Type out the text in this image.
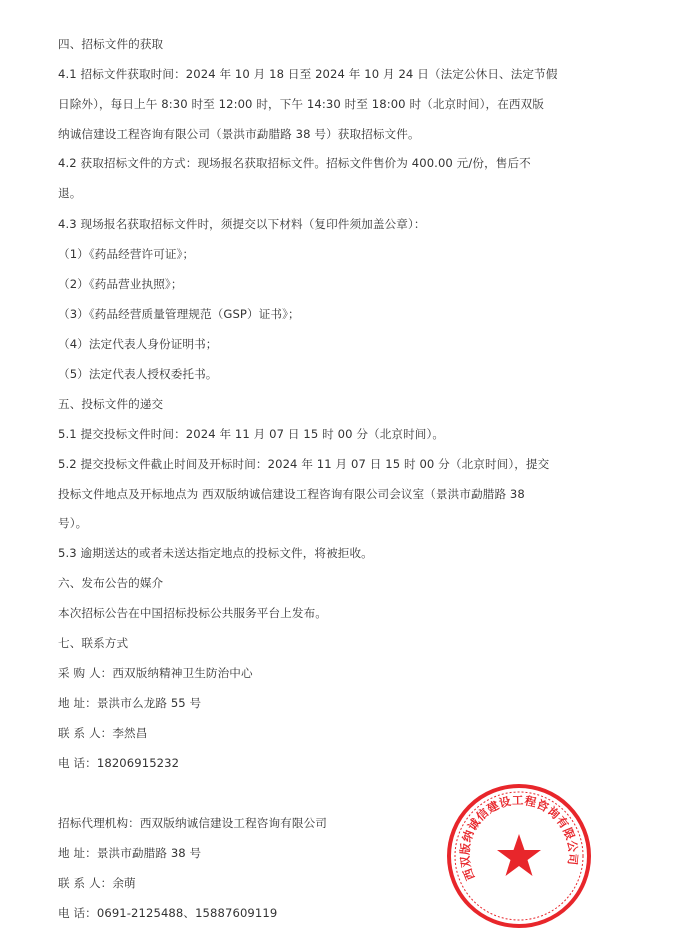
四、招标文件的获取
4.1 招标文件获取时间：2024 年 10 月 18 日至 2024 年 10 月 24 日（法定公休日、法定节假
日除外），每日上午 8:30 时至 12:00 时，下午 14:30 时至 18:00 时（北京时间），在西双版
纳诚信建设工程咨询有限公司（景洪市勐腊路 38 号）获取招标文件。
4.2 获取招标文件的方式：现场报名获取招标文件。招标文件售价为 400.00 元/份，售后不
退。
4.3 现场报名获取招标文件时，须提交以下材料（复印件须加盖公章）：
（1）《药品经营许可证》；
（2）《药品营业执照》；
（3）《药品经营质量管理规范（GSP）证书》；
（4）法定代表人身份证明书；
（5）法定代表人授权委托书。
五、投标文件的递交
5.1 提交投标文件时间：2024 年 11 月 07 日 15 时 00 分（北京时间）。
5.2 提交投标文件截止时间及开标时间：2024 年 11 月 07 日 15 时 00 分（北京时间），提交
投标文件地点及开标地点为 西双版纳诚信建设工程咨询有限公司会议室（景洪市勐腊路 38
号）。
5.3 逾期送达的或者未送达指定地点的投标文件，将被拒收。
六、发布公告的媒介
本次招标公告在中国招标投标公共服务平台上发布。
七、联系方式
采 购 人：西双版纳精神卫生防治中心
地 址：景洪市么龙路 55 号
联 系 人：李然昌
电 话：18206915232
招标代理机构：西双版纳诚信建设工程咨询有限公司
地 址：景洪市勐腊路 38 号
联 系 人：余萌
电 话：0691-2125488、15887609119
西双版纳诚信建设工程咨询有限公司
